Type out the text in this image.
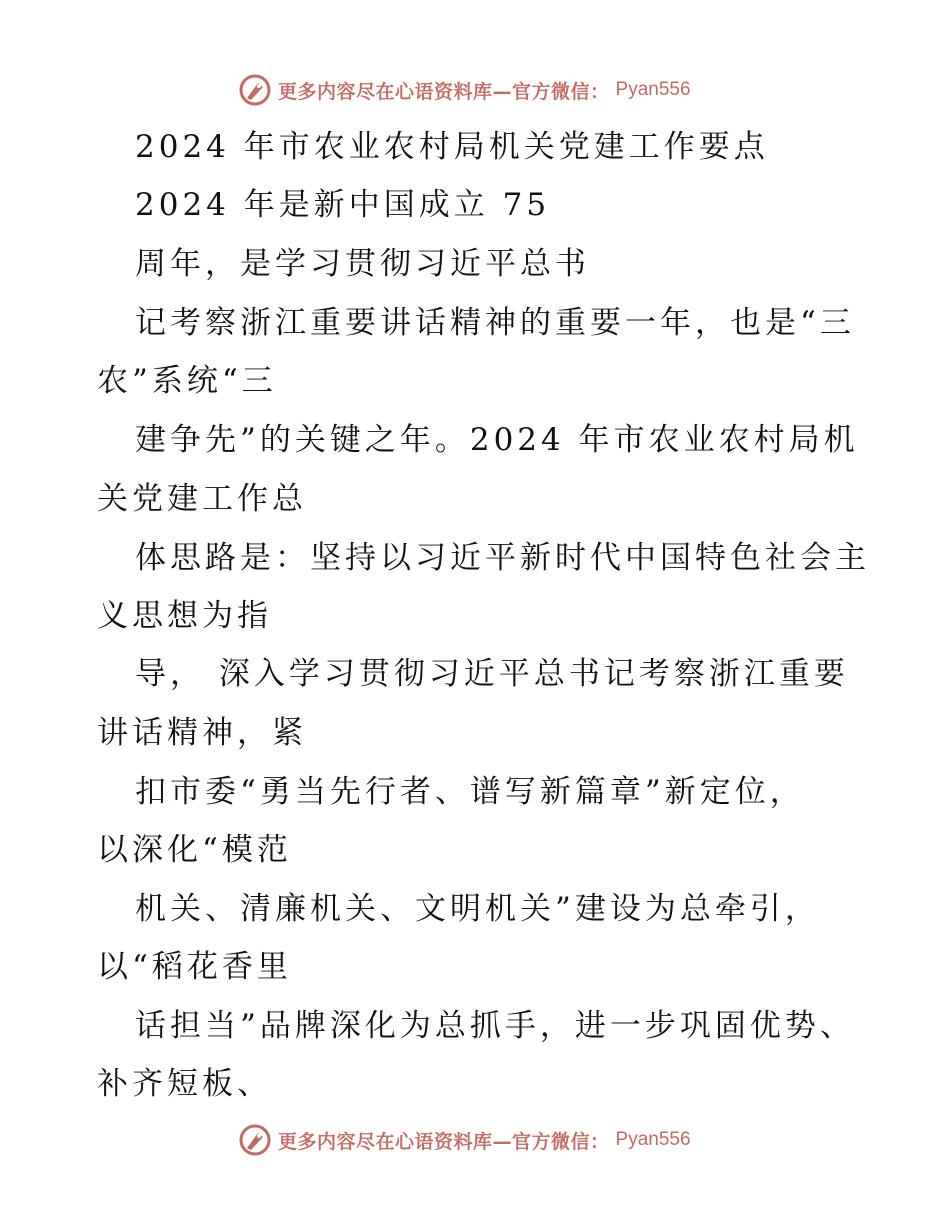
更多内容尽在心语资料库—官方微信： Pyan556
2024 年市农业农村局机关党建工作要点
2024 年是新中国成立 75
周年，是学习贯彻习近平总书
记考察浙江重要讲话精神的重要一年，也是“三
农”系统“三
建争先”的关键之年。2024 年市农业农村局机
关党建工作总
体思路是：坚持以习近平新时代中国特色社会主
义思想为指
导， 深入学习贯彻习近平总书记考察浙江重要
讲话精神，紧
扣市委“勇当先行者、谱写新篇章”新定位，
以深化“模范
机关、清廉机关、文明机关”建设为总牵引，
以“稻花香里
话担当”品牌深化为总抓手，进一步巩固优势、
补齐短板、
更多内容尽在心语资料库—官方微信： Pyan556
